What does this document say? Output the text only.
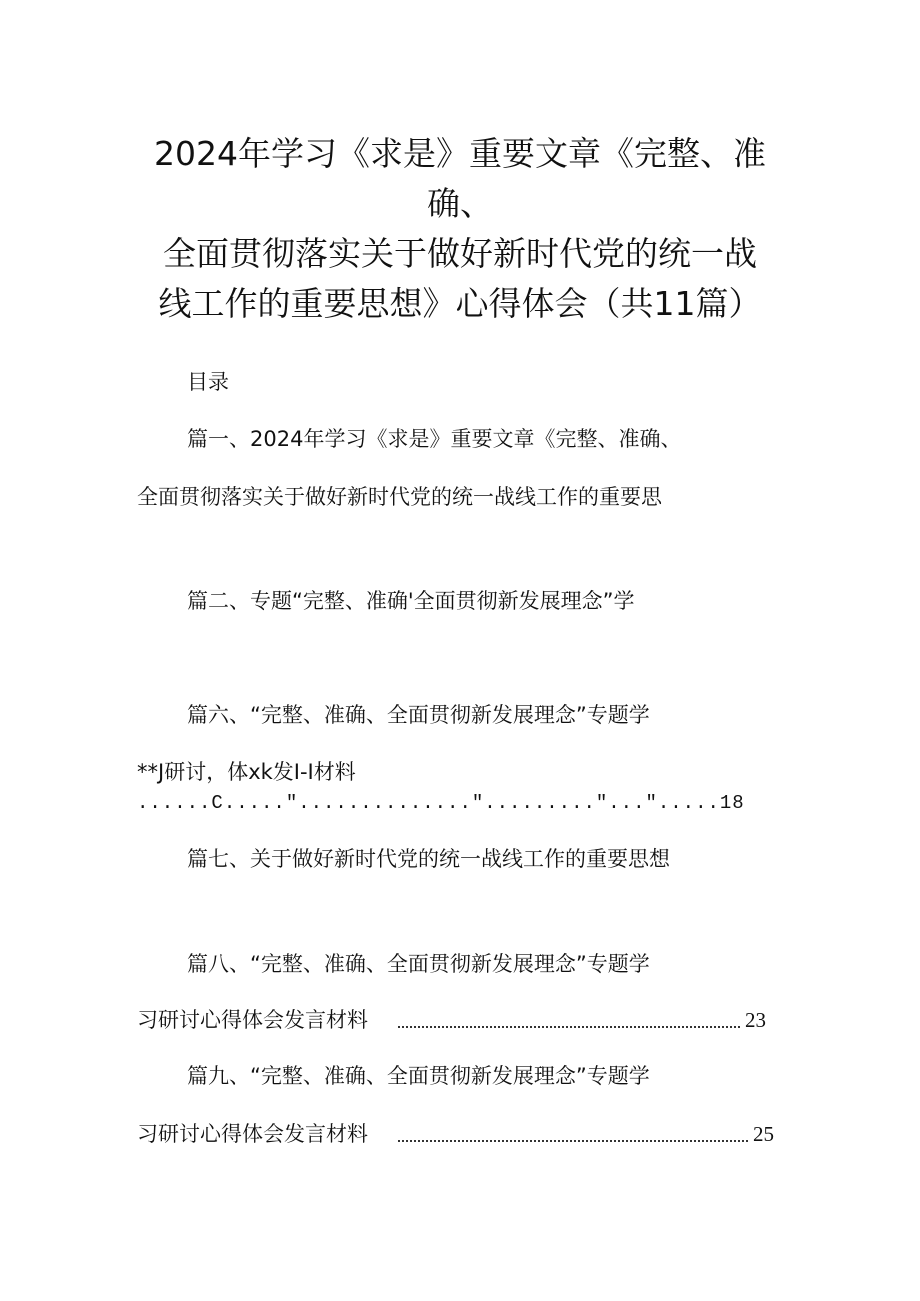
2024年学习《求是》重要文章《完整、准
确、
全面贯彻落实关于做好新时代党的统一战
线工作的重要思想》心得体会（共11篇）
目录
篇一、2024年学习《求是》重要文章《完整、准确、
全面贯彻落实关于做好新时代党的统一战线工作的重要思
篇二、专题“完整、准确'全面贯彻新发展理念”学
篇六、“完整、准确、全面贯彻新发展理念”专题学
**J研讨，体xk发I-I材料
......C.....″..............″.........″...″.....18
篇七、关于做好新时代党的统一战线工作的重要思想
篇八、“完整、准确、全面贯彻新发展理念”专题学
习研讨心得体会发言材料	23
篇九、“完整、准确、全面贯彻新发展理念”专题学
习研讨心得体会发言材料	25
